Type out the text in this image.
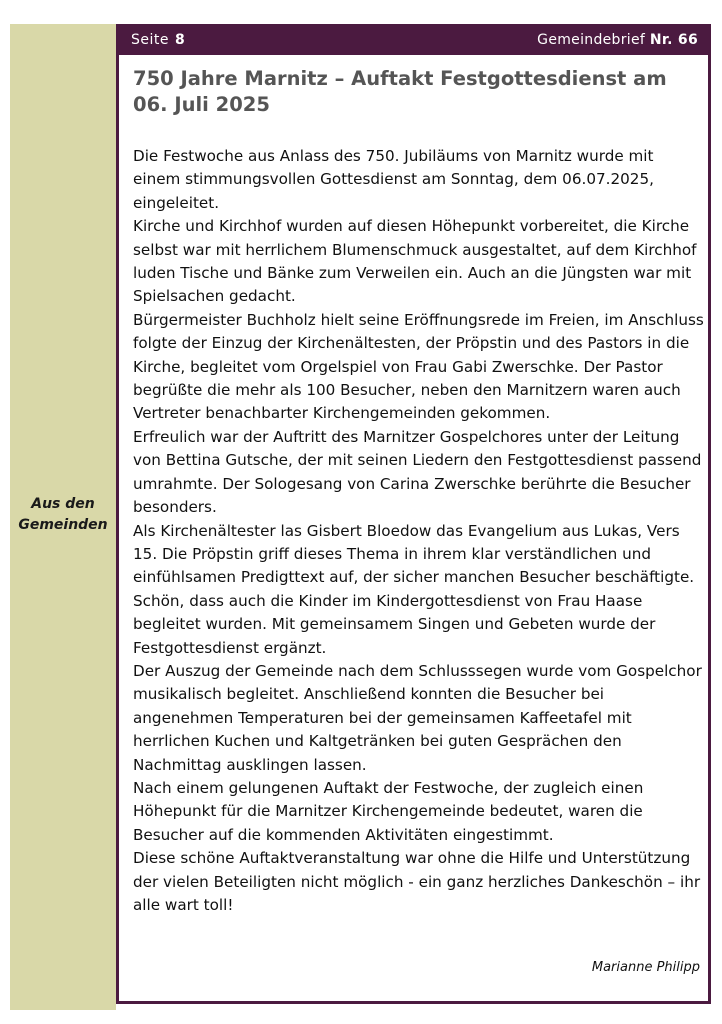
Aus den
Gemeinden
Seite 8	Gemeindebrief Nr. 66
750 Jahre Marnitz – Auftakt Festgottesdienst am 06. Juli 2025

Die Festwoche aus Anlass des 750. Jubiläums von Marnitz wurde mit einem stimmungsvollen Gottesdienst am Sonntag, dem 06.07.2025, eingeleitet.

Kirche und Kirchhof wurden auf diesen Höhepunkt vorbereitet, die Kirche selbst war mit herrlichem Blumenschmuck ausgestaltet, auf dem Kirchhof luden Tische und Bänke zum Verweilen ein. Auch an die Jüngsten war mit Spielsachen gedacht.

Bürgermeister Buchholz hielt seine Eröffnungsrede im Freien, im Anschluss folgte der Einzug der Kirchenältesten, der Pröpstin und des Pastors in die Kirche, begleitet vom Orgelspiel von Frau Gabi Zwerschke. Der Pastor begrüßte die mehr als 100 Besucher, neben den Marnitzern waren auch Vertreter benachbarter Kirchengemeinden gekommen.

Erfreulich war der Auftritt des Marnitzer Gospelchores unter der Leitung von Bettina Gutsche, der mit seinen Liedern den Festgottesdienst passend umrahmte. Der Sologesang von Carina Zwerschke berührte die Besucher besonders.

Als Kirchenältester las Gisbert Bloedow das Evangelium aus Lukas, Vers 15. Die Pröpstin griff dieses Thema in ihrem klar verständlichen und einfühlsamen Predigttext auf, der sicher manchen Besucher beschäftigte.

Schön, dass auch die Kinder im Kindergottesdienst von Frau Haase begleitet wurden. Mit gemeinsamem Singen und Gebeten wurde der Festgottesdienst ergänzt.

Der Auszug der Gemeinde nach dem Schlusssegen wurde vom Gospelchor musikalisch begleitet. Anschließend konnten die Besucher bei angenehmen Temperaturen bei der gemeinsamen Kaffeetafel mit herrlichen Kuchen und Kaltgetränken bei guten Gesprächen den Nachmittag ausklingen lassen.

Nach einem gelungenen Auftakt der Festwoche, der zugleich einen Höhepunkt für die Marnitzer Kirchengemeinde bedeutet, waren die Besucher auf die kommenden Aktivitäten eingestimmt.

Diese schöne Auftaktveranstaltung war ohne die Hilfe und Unterstützung der vielen Beteiligten nicht möglich - ein ganz herzliches Dankeschön – ihr alle wart toll!

Marianne Philipp
